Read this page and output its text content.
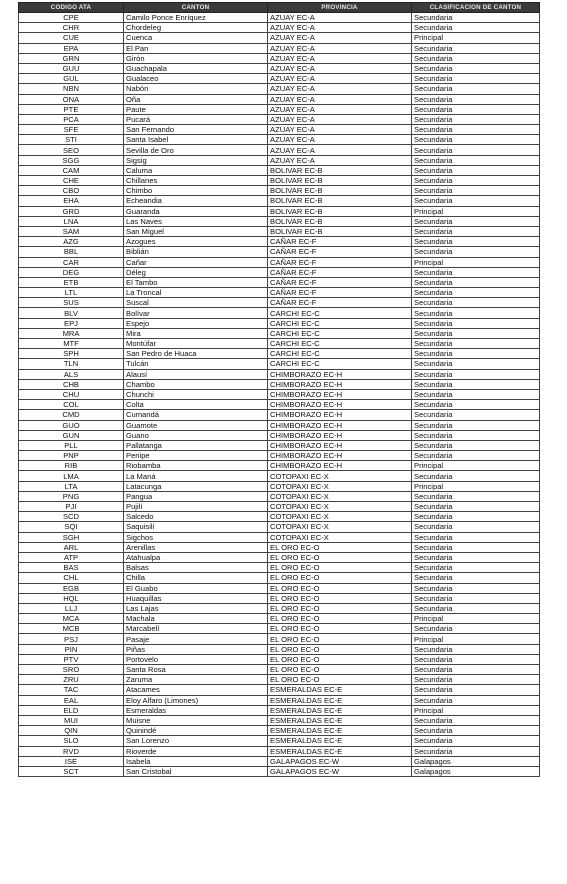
CODIGO ATA	CANTON	PROVINCIA	CLASIFICACION DE CANTON
CPE	Camilo Ponce Enríquez	AZUAY EC-A	Secundaria
CHR	Chordeleg	AZUAY EC-A	Secundaria
CUE	Cuenca	AZUAY EC-A	Principal
EPA	El Pan	AZUAY EC-A	Secundaria
GRN	Girón	AZUAY EC-A	Secundaria
GUU	Guachapala	AZUAY EC-A	Secundaria
GUL	Gualaceo	AZUAY EC-A	Secundaria
NBN	Nabón	AZUAY EC-A	Secundaria
ONA	Oña	AZUAY EC-A	Secundaria
PTE	Paute	AZUAY EC-A	Secundaria
PCA	Pucará	AZUAY EC-A	Secundaria
SFE	San Fernando	AZUAY EC-A	Secundaria
STI	Santa Isabel	AZUAY EC-A	Secundaria
SEO	Sevilla de Oro	AZUAY EC-A	Secundaria
SGG	Sigsig	AZUAY EC-A	Secundaria
CAM	Caluma	BOLIVAR EC-B	Secundaria
CHE	Chillanes	BOLIVAR EC-B	Secundaria
CBO	Chimbo	BOLIVAR EC-B	Secundaria
EHA	Echeandia	BOLIVAR EC-B	Secundaria
GRD	Guaranda	BOLIVAR EC-B	Principal
LNA	Las Naves	BOLIVAR EC-B	Secundaria
SAM	San Miguel	BOLIVAR EC-B	Secundaria
AZG	Azogues	CAÑAR EC-F	Secundaria
BBL	Biblián	CAÑAR EC-F	Secundaria
CAR	Cañar	CAÑAR EC-F	Principal
DEG	Déleg	CAÑAR EC-F	Secundaria
ETB	El Tambo	CAÑAR EC-F	Secundaria
LTL	La Troncal	CAÑAR EC-F	Secundaria
SUS	Suscal	CAÑAR EC-F	Secundaria
BLV	Bolívar	CARCHI EC-C	Secundaria
EPJ	Espejo	CARCHI EC-C	Secundaria
MRA	Mira	CARCHI EC-C	Secundaria
MTF	Montúfar	CARCHI EC-C	Secundaria
SPH	San Pedro de Huaca	CARCHI EC-C	Secundaria
TLN	Tulcán	CARCHI EC-C	Secundaria
ALS	Alausí	CHIMBORAZO EC-H	Secundaria
CHB	Chambo	CHIMBORAZO EC-H	Secundaria
CHU	Chunchi	CHIMBORAZO EC-H	Secundaria
COL	Colta	CHIMBORAZO EC-H	Secundaria
CMD	Cumandá	CHIMBORAZO EC-H	Secundaria
GUO	Guamote	CHIMBORAZO EC-H	Secundaria
GUN	Guano	CHIMBORAZO EC-H	Secundaria
PLL	Pallatanga	CHIMBORAZO EC-H	Secundaria
PNP	Penipe	CHIMBORAZO EC-H	Secundaria
RIB	Riobamba	CHIMBORAZO EC-H	Principal
LMA	La Maná	COTOPAXI EC-X	Secundaria
LTA	Latacunga	COTOPAXI EC-X	Principal
PNG	Pangua	COTOPAXI EC-X	Secundaria
PJI	Pujilí	COTOPAXI EC-X	Secundaria
SCD	Salcedo	COTOPAXI EC-X	Secundaria
SQI	Saquisilí	COTOPAXI EC-X	Secundaria
SGH	Sigchos	COTOPAXI EC-X	Secundaria
ARL	Arenillas	EL ORO EC-O	Secundaria
ATP	Atahualpa	EL ORO EC-O	Secundaria
BAS	Balsas	EL ORO EC-O	Secundaria
CHL	Chilla	EL ORO EC-O	Secundaria
EGB	El Guabo	EL ORO EC-O	Secundaria
HQL	Huaquillas	EL ORO EC-O	Secundaria
LLJ	Las Lajas	EL ORO EC-O	Secundaria
MCA	Machala	EL ORO EC-O	Principal
MCB	Marcabelí	EL ORO EC-O	Secundaria
PSJ	Pasaje	EL ORO EC-O	Principal
PIN	Piñas	EL ORO EC-O	Secundaria
PTV	Portovelo	EL ORO EC-O	Secundaria
SRO	Santa Rosa	EL ORO EC-O	Secundaria
ZRU	Zaruma	EL ORO EC-O	Secundaria
TAC	Atacames	ESMERALDAS EC-E	Secundaria
EAL	Eloy Alfaro (Limones)	ESMERALDAS EC-E	Secundaria
ELD	Esmeraldas	ESMERALDAS EC-E	Principal
MUI	Muisne	ESMERALDAS EC-E	Secundaria
QIN	Quinindé	ESMERALDAS EC-E	Secundaria
SLO	San Lorenzo	ESMERALDAS EC-E	Secundaria
RVD	Rioverde	ESMERALDAS EC-E	Secundaria
ISE	Isabela	GALAPAGOS EC-W	Galapagos
SCT	San Cristobal	GALAPAGOS EC-W	Galapagos
